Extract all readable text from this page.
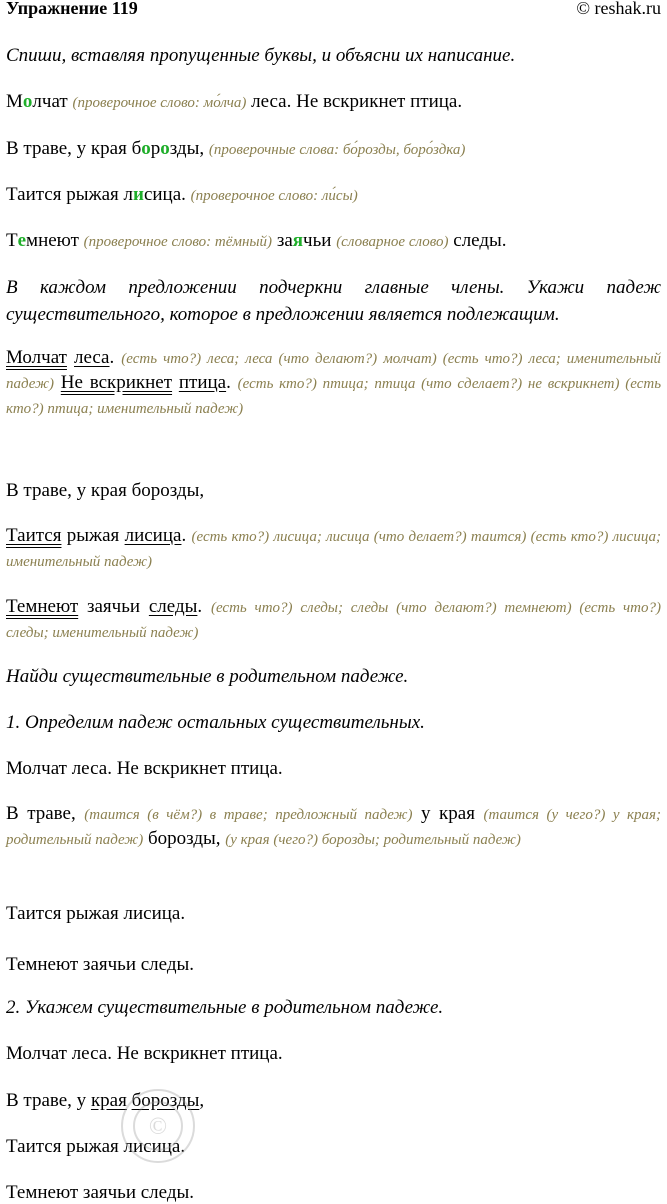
Упражнение 119	© reshak.ru
Спиши, вставляя пропущенные буквы, и объясни их написание.
Молчат (проверочное слово: мо́лча) леса. Не вскрикнет птица.
В траве, у края борозды, (проверочные слова: бо́розды, боро́здка)
Таится рыжая лисица. (проверочное слово: ли́сы)
Темнеют (проверочное слово: тёмный) заячьи (словарное слово) следы.
В каждом предложении подчеркни главные члены. Укажи падеж существительного, которое в предложении является подлежащим.
Молчат леса. (есть что?) леса; леса (что делают?) молчат) (есть что?) леса; именительный падеж) Не вскрикнет птица. (есть кто?) птица; птица (что сделает?) не вскрикнет) (есть кто?) птица; именительный падеж)
В траве, у края борозды,
Таится рыжая лисица. (есть кто?) лисица; лисица (что делает?) таится) (есть кто?) лисица; именительный падеж)
Темнеют заячьи следы. (есть что?) следы; следы (что делают?) темнеют) (есть что?) следы; именительный падеж)
Найди существительные в родительном падеже.
1. Определим падеж остальных существительных.
Молчат леса. Не вскрикнет птица.
В траве, (таится (в чём?) в траве; предложный падеж) у края (таится (у чего?) у края; родительный падеж) борозды, (у края (чего?) борозды; родительный падеж)
Таится рыжая лисица.
Темнеют заячьи следы.
2. Укажем существительные в родительном падеже.
Молчат леса. Не вскрикнет птица.
В траве, у края борозды,
Таится рыжая лисица.
Темнеют заячьи следы.
©
